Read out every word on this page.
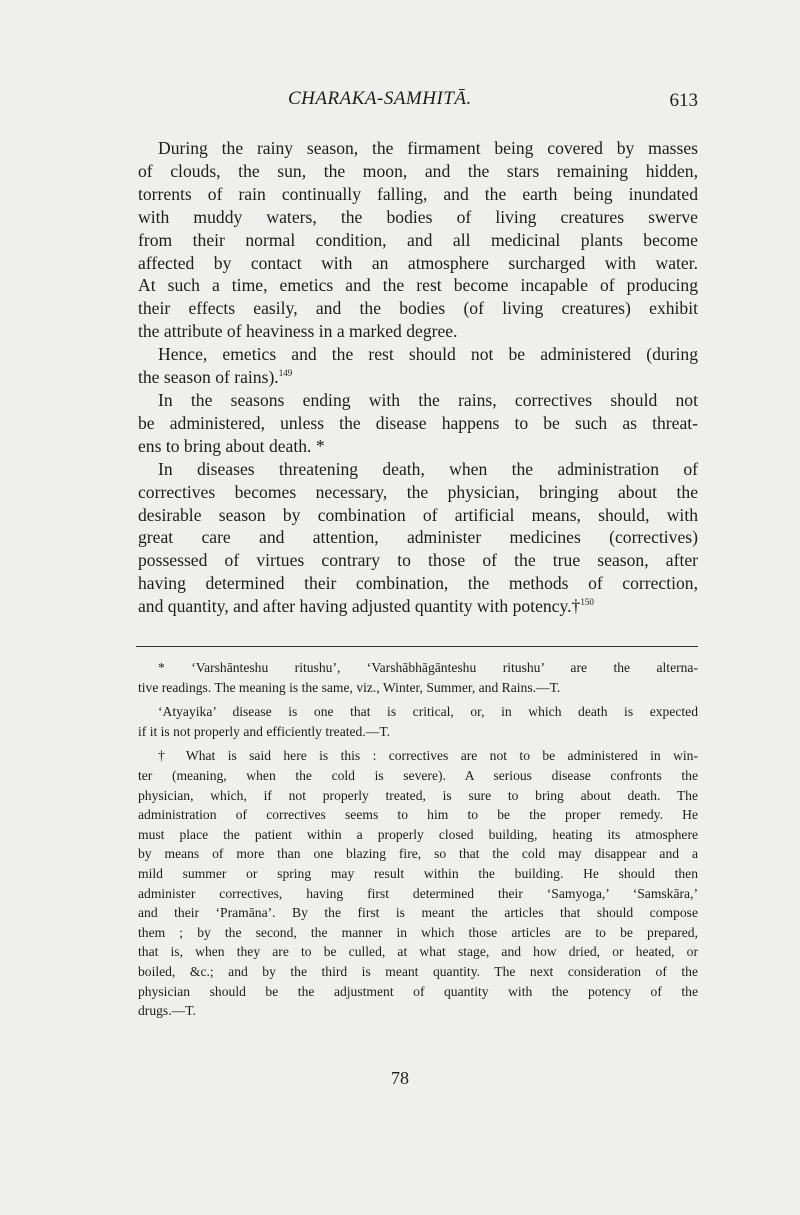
CHARAKA-SAMHITĀ.	613
During the rainy season, the firmament being covered by masses
of clouds, the sun, the moon, and the stars remaining hidden,
torrents of rain continually falling, and the earth being inundated
with muddy waters, the bodies of living creatures swerve
from their normal condition, and all medicinal plants become
affected by contact with an atmosphere surcharged with water.
At such a time, emetics and the rest become incapable of producing
their effects easily, and the bodies (of living creatures) exhibit
the attribute of heaviness in a marked degree.
Hence, emetics and the rest should not be administered (during
the season of rains).$^{149}$
In the seasons ending with the rains, correctives should not
be administered, unless the disease happens to be such as threat-
ens to bring about death. *
In diseases threatening death, when the administration of
correctives becomes necessary, the physician, bringing about the
desirable season by combination of artificial means, should, with
great care and attention, administer medicines (correctives)
possessed of virtues contrary to those of the true season, after
having determined their combination, the methods of correction,
and quantity, and after having adjusted quantity with potency.†$^{150}$
* ‘Varshānteshu ritushu’, ‘Varshābhāgānteshu ritushu’ are the alterna-
tive readings. The meaning is the same, viz., Winter, Summer, and Rains.—T.
‘Atyayika’ disease is one that is critical, or, in which death is expected
if it is not properly and efficiently treated.—T.
† What is said here is this : correctives are not to be administered in win-
ter (meaning, when the cold is severe). A serious disease confronts the
physician, which, if not properly treated, is sure to bring about death. The
administration of correctives seems to him to be the proper remedy. He
must place the patient within a properly closed building, heating its atmosphere
by means of more than one blazing fire, so that the cold may disappear and a
mild summer or spring may result within the building. He should then
administer correctives, having first determined their ‘Samyoga,’ ‘Samskāra,’
and their ‘Pramāna’. By the first is meant the articles that should compose
them ; by the second, the manner in which those articles are to be prepared,
that is, when they are to be culled, at what stage, and how dried, or heated, or
boiled, &c.; and by the third is meant quantity. The next consideration of the
physician should be the adjustment of quantity with the potency of the
drugs.—T.
78
